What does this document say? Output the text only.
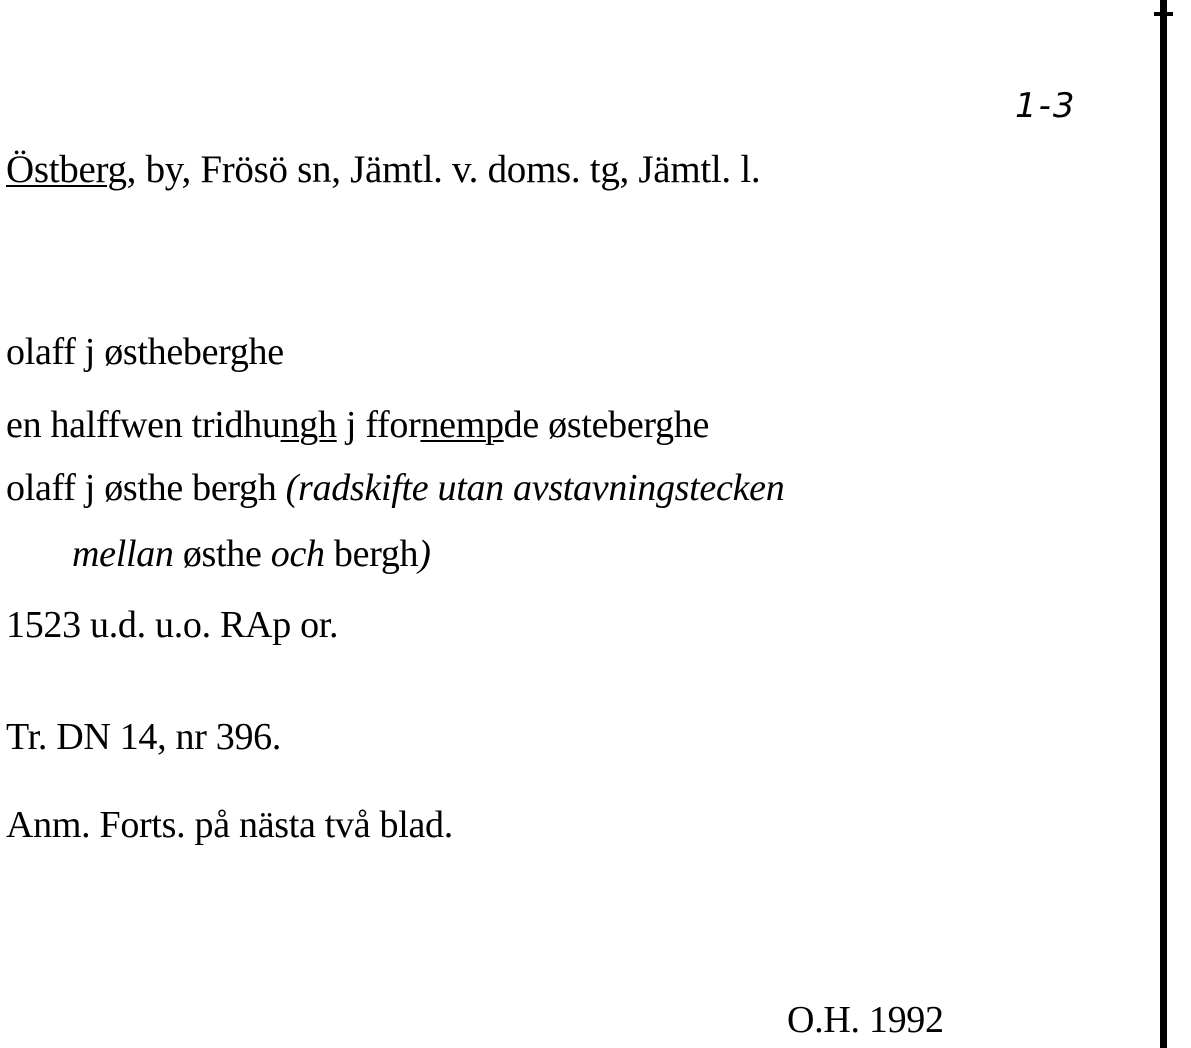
1-3
Östberg, by, Frösö sn, Jämtl. v. doms. tg, Jämtl. l.
olaff j østheberghe
en halffwen tridhungh j ffornempde østeberghe
olaff j østhe bergh (radskifte utan avstavningstecken
mellan østhe och bergh)
1523 u.d. u.o. RAp or.
Tr. DN 14, nr 396.
Anm. Forts. på nästa två blad.
O.H. 1992
